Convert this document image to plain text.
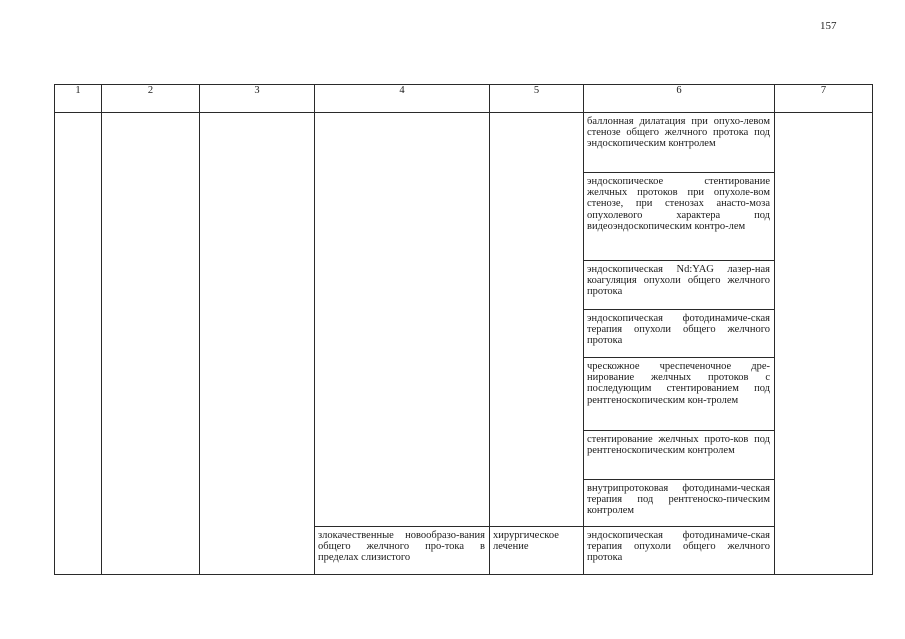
157
1	2	3	4	5	6	7

					баллонная дилатация при опухо-левом стенозе общего желчного протока под эндоскопическим контролем	

					эндоскопическое стентирование желчных протоков при опухоле-вом стенозе, при стенозах анасто-моза опухолевого характера под видеоэндоскопическим контро-лем	

					эндоскопическая Nd:YAG лазер-ная коагуляция опухоли общего желчного протока	

					эндоскопическая фотодинамиче-ская терапия опухоли общего желчного протока	

					чрескожное чреспеченочное дре-нирование желчных протоков с последующим стентированием под рентгеноскопическим кон-тролем	

					стентирование желчных прото-ков под рентгеноскопическим контролем	

					внутрипротоковая фотодинами-ческая терапия под рентгеноско-пическим контролем	

			злокачественные новообразо-вания общего желчного про-тока в пределах слизистого	хирургическое лечение	эндоскопическая фотодинамиче-ская терапия опухоли общего желчного протока	
